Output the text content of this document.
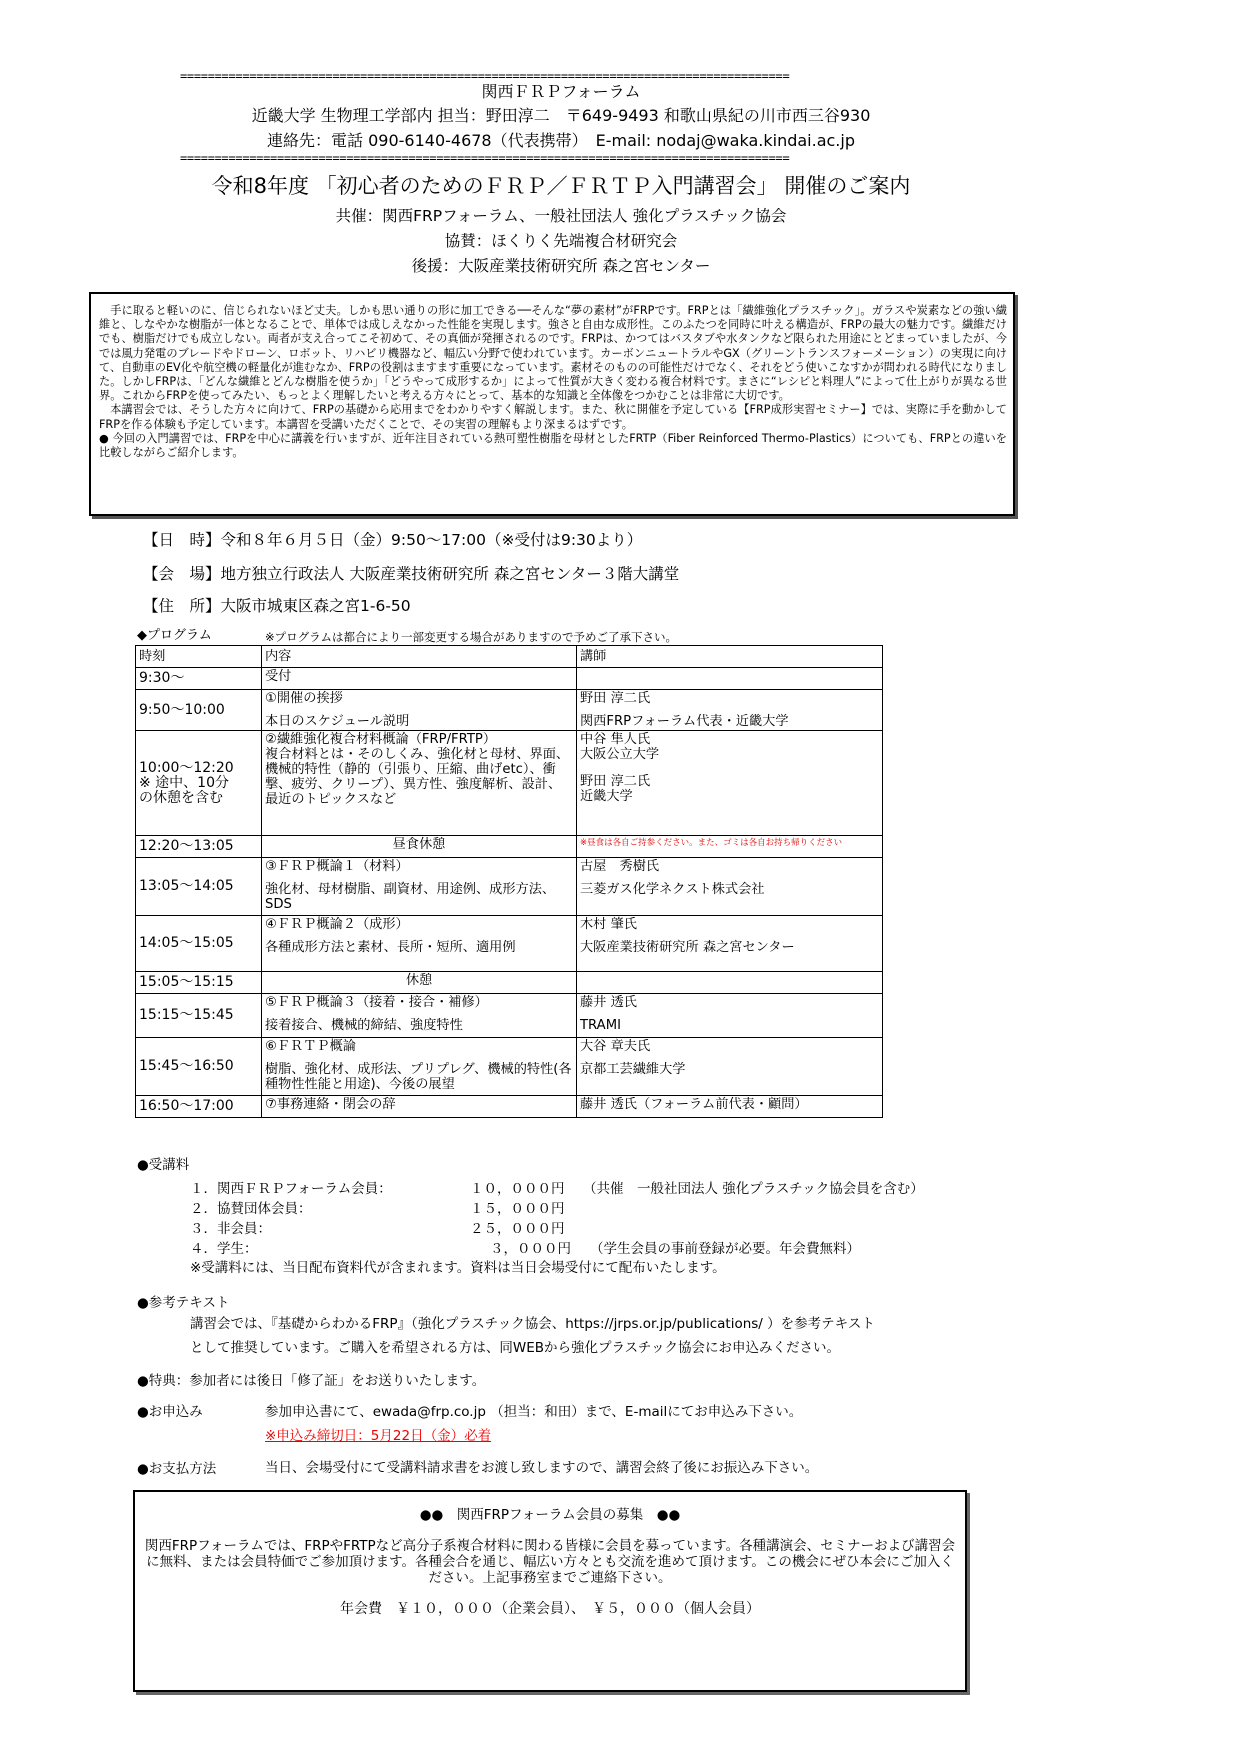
========================================================================================
関西ＦＲＰフォーラム
近畿大学 生物理工学部内 担当：野田淳二　〒649-9493 和歌山県紀の川市西三谷930
連絡先：電話 090-6140-4678（代表携帯）　E-mail: nodaj@waka.kindai.ac.jp
========================================================================================
令和8年度 「初心者のためのＦＲＰ／ＦＲＴＰ入門講習会」 開催のご案内
共催：関西FRPフォーラム、一般社団法人 強化プラスチック協会
協賛：ほくりく先端複合材研究会
後援：大阪産業技術研究所 森之宮センター

　手に取ると軽いのに、信じられないほど丈夫。しかも思い通りの形に加工できる──そんな“夢の素材”がFRPです。FRPとは「繊維強化プラスチック」。ガラスや炭素などの強い繊維と、しなやかな樹脂が一体となることで、単体では成しえなかった性能を実現します。強さと自由な成形性。このふたつを同時に叶える構造が、FRPの最大の魅力です。繊維だけでも、樹脂だけでも成立しない。両者が支え合ってこそ初めて、その真価が発揮されるのです。FRPは、かつてはバスタブや水タンクなど限られた用途にとどまっていましたが、今では風力発電のブレードやドローン、ロボット、リハビリ機器など、幅広い分野で使われています。カーボンニュートラルやGX（グリーントランスフォーメーション）の実現に向けて、自動車のEV化や航空機の軽量化が進むなか、FRPの役割はますます重要になっています。素材そのものの可能性だけでなく、それをどう使いこなすかが問われる時代になりました。しかしFRPは、「どんな繊維とどんな樹脂を使うか」「どうやって成形するか」によって性質が大きく変わる複合材料です。まさに“レシピと料理人”によって仕上がりが異なる世界。これからFRPを使ってみたい、もっとよく理解したいと考える方々にとって、基本的な知識と全体像をつかむことは非常に大切です。

　本講習会では、そうした方々に向けて、FRPの基礎から応用までをわかりやすく解説します。また、秋に開催を予定している【FRP成形実習セミナー】では、実際に手を動かしてFRPを作る体験も予定しています。本講習を受講いただくことで、その実習の理解もより深まるはずです。

● 今回の入門講習では、FRPを中心に講義を行いますが、近年注目されている熱可塑性樹脂を母材としたFRTP（Fiber Reinforced Thermo-Plastics）についても、FRPとの違いを比較しながらご紹介します。

【日　時】令和８年６月５日（金）9:50～17:00（※受付は9:30より）
【会　場】地方独立行政法人 大阪産業技術研究所 森之宮センター３階大講堂
【住　所】大阪市城東区森之宮1-6-50
◆プログラム	※プログラムは都合により一部変更する場合がありますので予めご了承下さい。
時刻	内容	講師
9:30～	受付	

9:50～10:00	①開催の挨拶
本日のスケジュール説明	野田 淳二氏
関西FRPフォーラム代表・近畿大学

10:00～12:20
※ 途中、10分
の休憩を含む	②繊維強化複合材料概論（FRP/FRTP）
複合材料とは・そのしくみ、強化材と母材、界面、機械的特性（静的（引張り、圧縮、曲げetc）、衝撃、疲労、クリープ）、異方性、強度解析、設計、最近のトピックスなど	中谷 隼人氏
大阪公立大学
野田 淳二氏
近畿大学

12:20～13:05	昼食休憩	※昼食は各自ご持参ください。また、ゴミは各自お持ち帰りください

13:05～14:05	③ＦＲＰ概論１（材料）
強化材、母材樹脂、副資材、用途例、成形方法、SDS	古屋　秀樹氏
三菱ガス化学ネクスト株式会社

14:05～15:05	④ＦＲＰ概論２（成形）
各種成形方法と素材、長所・短所、適用例	木村 肇氏
大阪産業技術研究所 森之宮センター

15:05～15:15	休憩	

15:15～15:45	⑤ＦＲＰ概論３（接着・接合・補修）
接着接合、機械的締結、強度特性	藤井 透氏
TRAMI

15:45～16:50	⑥ＦＲＴＰ概論
樹脂、強化材、成形法、プリプレグ、機械的特性(各種物性性能と用途)、今後の展望	大谷 章夫氏
京都工芸繊維大学

16:50～17:00	⑦事務連絡・閉会の辞	藤井 透氏（フォーラム前代表・顧問）
●受講料
１．関西ＦＲＰフォーラム会員：	１０，０００円 （共催　一般社団法人 強化プラスチック協会員を含む）
２．協賛団体会員：	１５，０００円
３．非会員：	２５，０００円
４．学生：	３，０００円 （学生会員の事前登録が必要。年会費無料）
※受講料には、当日配布資料代が含まれます。資料は当日会場受付にて配布いたします。
●参考テキスト
講習会では、『基礎からわかるFRP』（強化プラスチック協会、https://jrps.or.jp/publications/ ）を参考テキスト
として推奨しています。ご購入を希望される方は、同WEBから強化プラスチック協会にお申込みください。
●特典：参加者には後日「修了証」をお送りいたします。
●お申込み	参加申込書にて、ewada@frp.co.jp （担当：和田）まで、E-mailにてお申込み下さい。
※申込み締切日：5月22日（金）必着
●お支払方法	当日、会場受付にて受講料請求書をお渡し致しますので、講習会終了後にお振込み下さい。
●●　関西FRPフォーラム会員の募集　●●
関西FRPフォーラムでは、FRPやFRTPなど高分子系複合材料に関わる皆様に会員を募っています。各種講演会、セミナーおよび講習会に無料、または会員特価でご参加頂けます。各種会合を通じ、幅広い方々とも交流を進めて頂けます。この機会にぜひ本会にご加入ください。上記事務室までご連絡下さい。
年会費　￥１０，０００（企業会員）、　￥５，０００（個人会員）
